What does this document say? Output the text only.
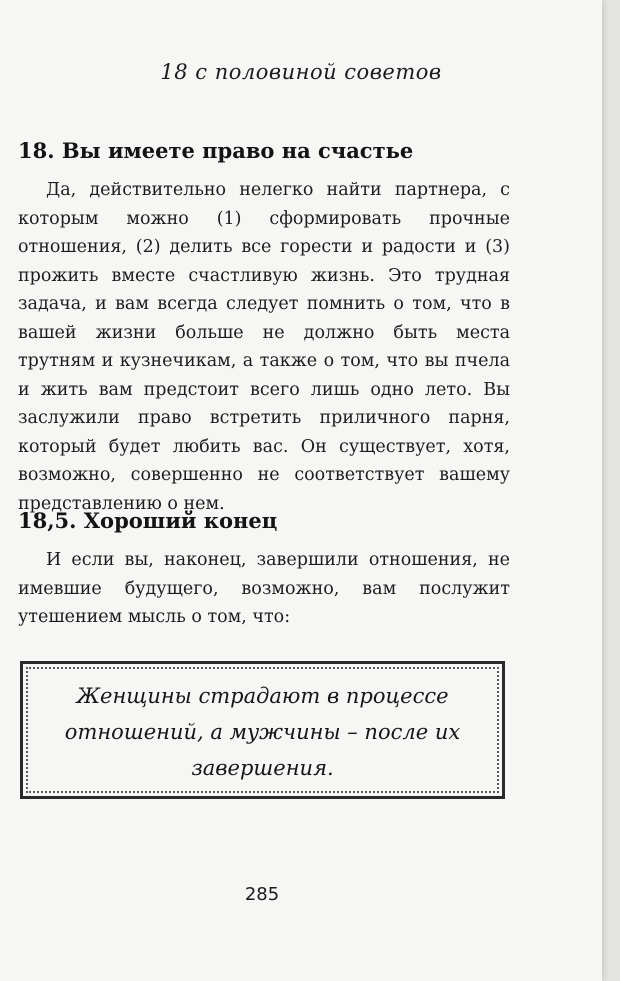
18 с половиной советов
18. Вы имеете право на счастье

Да, действительно нелегко найти партнера, с которым можно (1) сформировать прочные отношения, (2) делить все горести и радости и (3) прожить вместе счастливую жизнь. Это трудная задача, и вам всегда следует помнить о том, что в вашей жизни больше не должно быть места трутням и кузнечикам, а также о том, что вы пчела и жить вам предстоит всего лишь одно лето. Вы заслужили право встретить приличного парня, который будет любить вас. Он существует, хотя, возможно, совершенно не соответствует вашему представлению о нем.

18,5. Хороший конец

И если вы, наконец, завершили отношения, не имевшие будущего, возможно, вам послужит утешением мысль о том, что:

Женщины страдают в процессе отношений, а мужчины – после их завершения.
285
